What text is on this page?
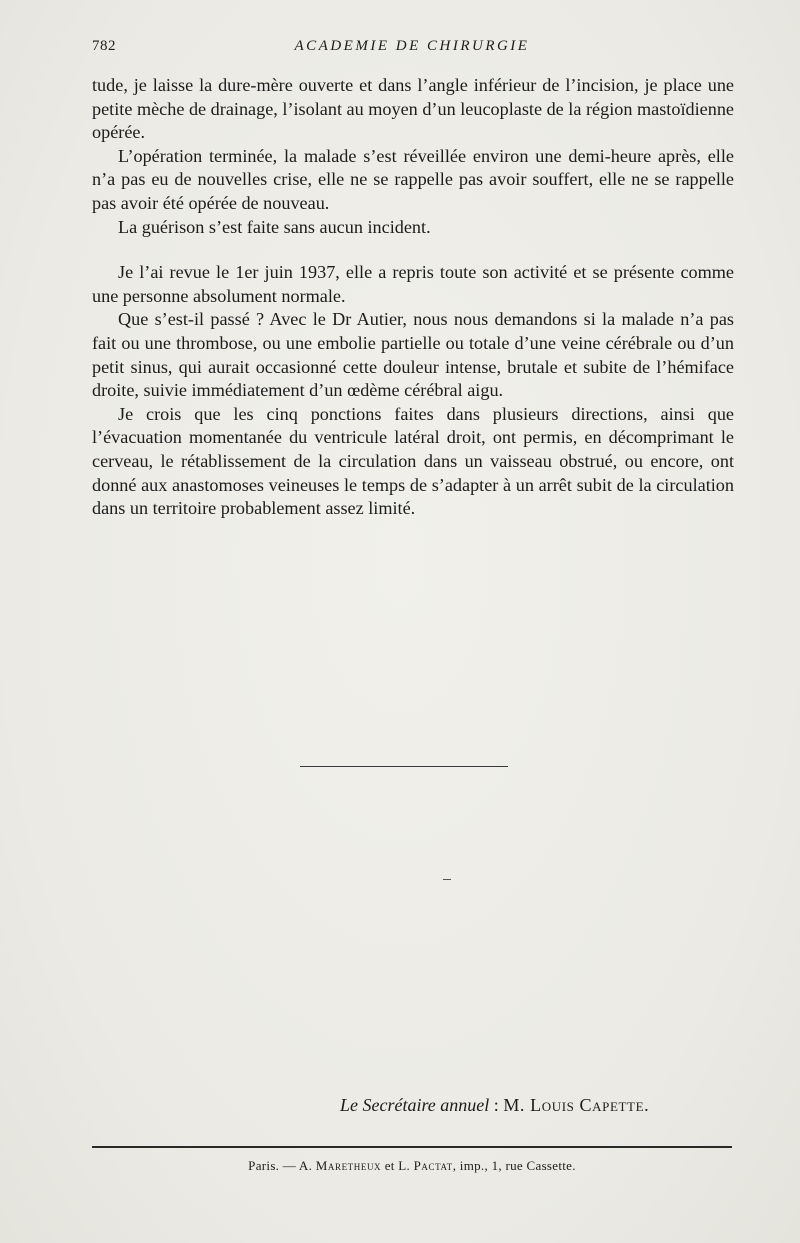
782	ACADEMIE DE CHIRURGIE

tude, je laisse la dure-mère ouverte et dans l’angle inférieur de l’incision, je place une petite mèche de drainage, l’isolant au moyen d’un leucoplaste de la région mastoïdienne opérée.

L’opération terminée, la malade s’est réveillée environ une demi-heure après, elle n’a pas eu de nouvelles crise, elle ne se rappelle pas avoir souffert, elle ne se rappelle pas avoir été opérée de nouveau.

La guérison s’est faite sans aucun incident.

Je l’ai revue le 1er juin 1937, elle a repris toute son activité et se présente comme une personne absolument normale.

Que s’est-il passé ? Avec le Dr Autier, nous nous demandons si la malade n’a pas fait ou une thrombose, ou une embolie partielle ou totale d’une veine cérébrale ou d’un petit sinus, qui aurait occasionné cette douleur intense, brutale et subite de l’hémiface droite, suivie immédiatement d’un œdème cérébral aigu.

Je crois que les cinq ponctions faites dans plusieurs directions, ainsi que l’évacuation momentanée du ventricule latéral droit, ont permis, en décomprimant le cerveau, le rétablissement de la circulation dans un vaisseau obstrué, ou encore, ont donné aux anastomoses veineuses le temps de s’adapter à un arrêt subit de la circulation dans un territoire probablement assez limité.

Le Secrétaire annuel : M. Louis Capette.
Paris. — A. Maretheux et L. Pactat, imp., 1, rue Cassette.
